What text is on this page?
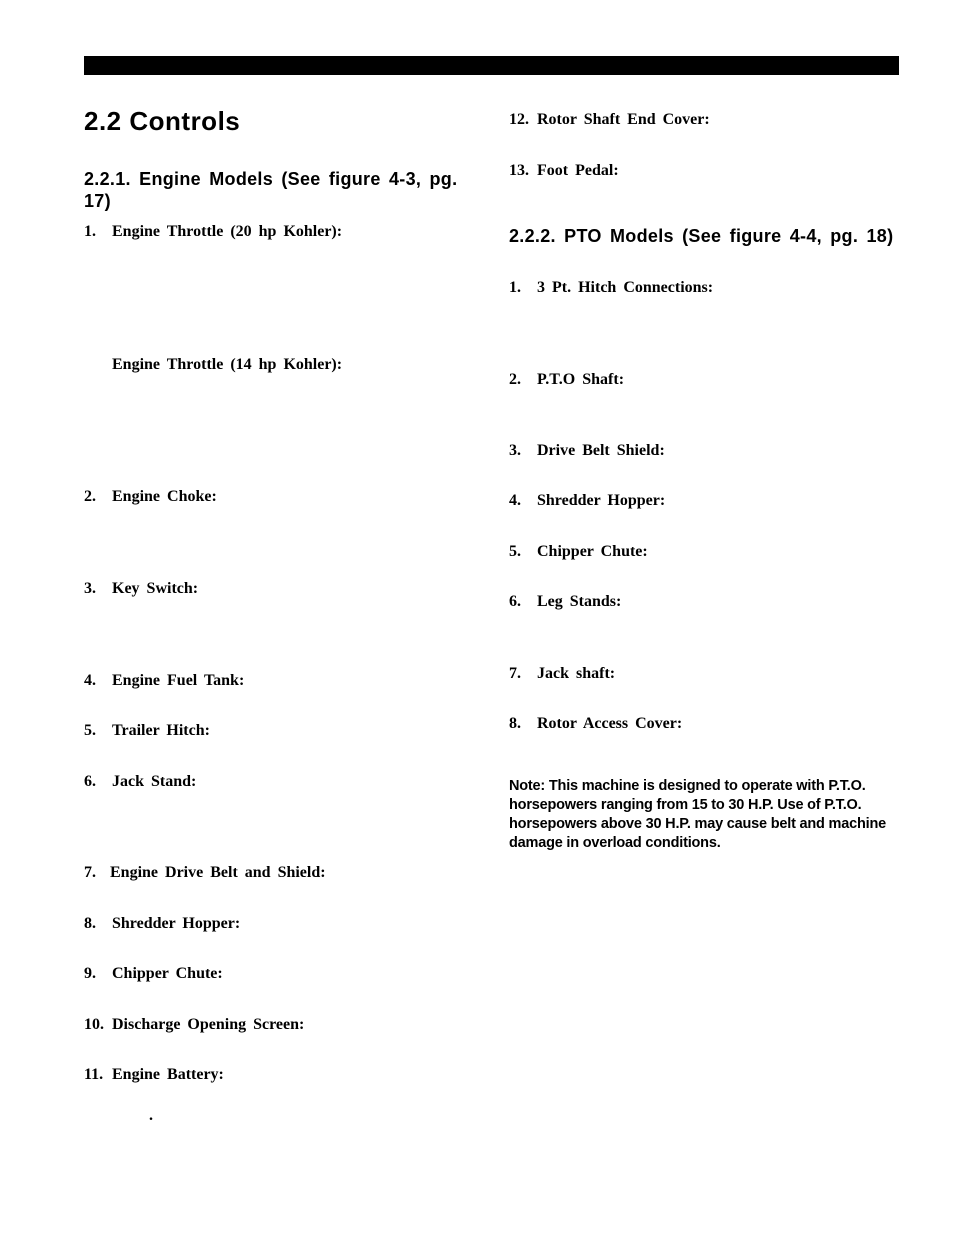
2.2 Controls
2.2.1. Engine Models (See figure 4-3, pg. 17)
1. Engine Throttle (20 hp Kohler):
Engine Throttle (14 hp Kohler):
2. Engine Choke:
3. Key Switch:
4. Engine Fuel Tank:
5. Trailer Hitch:
6. Jack Stand:
7. Engine Drive Belt and Shield:
8. Shredder Hopper:
9. Chipper Chute:
10. Discharge Opening Screen:
11. Engine Battery:
.
12. Rotor Shaft End Cover:
13. Foot Pedal:
2.2.2. PTO Models (See figure 4-4, pg. 18)
1. 3 Pt. Hitch Connections:
2. P.T.O Shaft:
3. Drive Belt Shield:
4. Shredder Hopper:
5. Chipper Chute:
6. Leg Stands:
7. Jack shaft:
8. Rotor Access Cover:

Note: This machine is designed to operate with P.T.O. horsepowers ranging from 15 to 30 H.P. Use of P.T.O. horsepowers above 30 H.P. may cause belt and machine damage in overload conditions.
